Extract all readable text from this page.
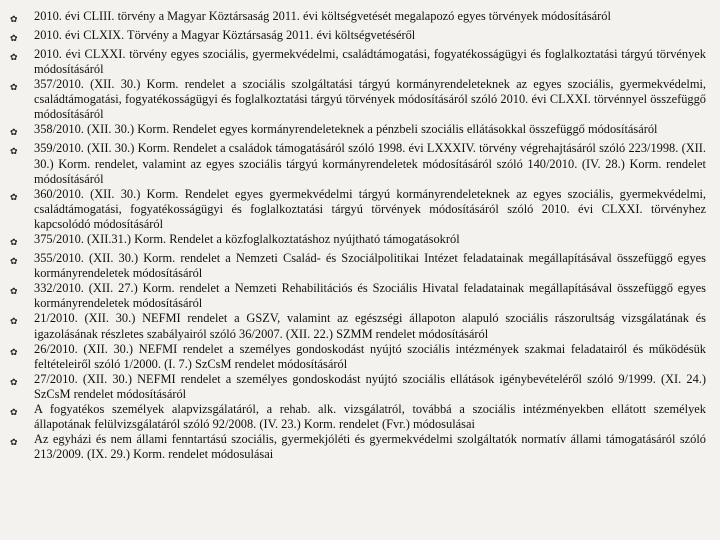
✿	2010. évi CLIII. törvény a Magyar Köztársaság 2011. évi költségvetését megalapozó egyes törvények módosításáról
✿	2010. évi CLXIX. Törvény a Magyar Köztársaság 2011. évi költségvetéséről
✿	2010. évi CLXXI. törvény egyes szociális, gyermekvédelmi, családtámogatási, fogyatékosságügyi és foglalkoztatási tárgyú törvények módosításáról
✿	357/2010. (XII. 30.) Korm. rendelet a szociális szolgáltatási tárgyú kormányrendeleteknek az egyes szociális, gyermekvédelmi, családtámogatási, fogyatékosságügyi és foglalkoztatási tárgyú törvények módosításáról szóló 2010. évi CLXXI. törvénnyel összefüggő módosításáról
✿	358/2010. (XII. 30.) Korm. Rendelet egyes kormányrendeleteknek a pénzbeli szociális ellátásokkal összefüggő módosításáról
✿	359/2010. (XII. 30.) Korm. Rendelet a családok támogatásáról szóló 1998. évi LXXXIV. törvény végrehajtásáról szóló 223/1998. (XII. 30.) Korm. rendelet, valamint az egyes szociális tárgyú kormányrendeletek módosításáról szóló 140/2010. (IV. 28.) Korm. rendelet módosításáról
✿	360/2010. (XII. 30.) Korm. Rendelet egyes gyermekvédelmi tárgyú kormányrendeleteknek az egyes szociális, gyermekvédelmi, családtámogatási, fogyatékosságügyi és foglalkoztatási tárgyú törvények módosításáról szóló 2010. évi CLXXI. törvényhez kapcsolódó módosításáról
✿	375/2010. (XII.31.) Korm. Rendelet a közfoglalkoztatáshoz nyújtható támogatásokról
✿	355/2010. (XII. 30.) Korm. rendelet a Nemzeti Család- és Szociálpolitikai Intézet feladatainak megállapításával összefüggő egyes kormányrendeletek módosításáról
✿	332/2010. (XII. 27.) Korm. rendelet a Nemzeti Rehabilitációs és Szociális Hivatal feladatainak megállapításával összefüggő egyes kormányrendeletek módosításáról
✿	21/2010. (XII. 30.) NEFMI rendelet a GSZV, valamint az egészségi állapoton alapuló szociális rászorultság vizsgálatának és igazolásának részletes szabályairól szóló 36/2007. (XII. 22.) SZMM rendelet módosításáról
✿	26/2010. (XII. 30.) NEFMI rendelet a személyes gondoskodást nyújtó szociális intézmények szakmai feladatairól és működésük feltételeiről szóló 1/2000. (I. 7.) SzCsM rendelet módosításáról
✿	27/2010. (XII. 30.) NEFMI rendelet a személyes gondoskodást nyújtó szociális ellátások igénybevételéről szóló 9/1999. (XI. 24.) SzCsM rendelet módosításáról
✿	A fogyatékos személyek alapvizsgálatáról, a rehab. alk. vizsgálatról, továbbá a szociális intézményekben ellátott személyek állapotának felülvizsgálatáról szóló 92/2008. (IV. 23.) Korm. rendelet (Fvr.) módosulásai
✿	Az egyházi és nem állami fenntartású szociális, gyermekjóléti és gyermekvédelmi szolgáltatók normatív állami támogatásáról szóló 213/2009. (IX. 29.) Korm. rendelet módosulásai
